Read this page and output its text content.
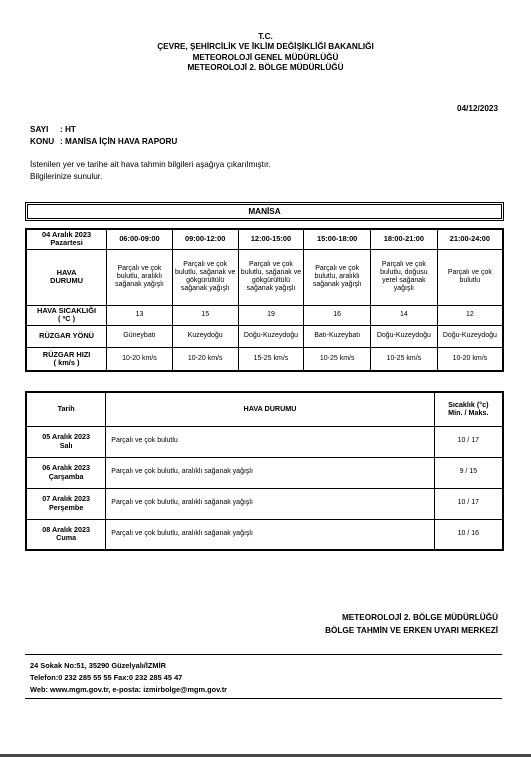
T.C.
ÇEVRE, ŞEHİRCİLİK VE İKLİM DEĞİŞİKLİĞİ BAKANLIĞI
METEOROLOJİ GENEL MÜDÜRLÜĞÜ
METEOROLOJİ 2. BÖLGE MÜDÜRLÜĞÜ
04/12/2023
SAYI : HT
KONU : MANİSA İÇİN HAVA RAPORU
İstenilen yer ve tarihe ait hava tahmin bilgileri aşağıya çıkarılmıştır.
Bilgilerinize sunulur.
MANİSA
04 Aralık 2023
Pazartesi	06:00-09:00	09:00-12:00	12:00-15:00	15:00-18:00	18:00-21:00	21:00-24:00

HAVA
DURUMU	Parçalı ve çok bulutlu, aralıklı sağanak yağışlı	Parçalı ve çok bulutlu, sağanak ve gökgürültülü sağanak yağışlı	Parçalı ve çok bulutlu, sağanak ve gökgürültülü sağanak yağışlı	Parçalı ve çok bulutlu, aralıklı sağanak yağışlı	Parçalı ve çok bulutlu, doğusu yerel sağanak yağışlı	Parçalı ve çok bulutlu

HAVA SICAKLIĞI
( ºC )	13	15	19	16	14	12
RÜZGAR YÖNÜ	Güneybatı	Kuzeydoğu	Doğu-Kuzeydoğu	Batı-Kuzeybatı	Doğu-Kuzeydoğu	Doğu-Kuzeydoğu

RÜZGAR HIZI
( km/s )	10-20 km/s	10-20 km/s	15-25 km/s	10-25 km/s	10-25 km/s	10-20 km/s
Tarih	HAVA DURUMU	Sıcaklık (°c)
Min. / Maks.

05 Aralık 2023
Salı	Parçalı ve çok bulutlu	10 / 17

06 Aralık 2023
Çarşamba	Parçalı ve çok bulutlu, aralıklı sağanak yağışlı	9 / 15

07 Aralık 2023
Perşembe	Parçalı ve çok bulutlu, aralıklı sağanak yağışlı	10 / 17

08 Aralık 2023
Cuma	Parçalı ve çok bulutlu, aralıklı sağanak yağışlı	10 / 16
METEOROLOJİ 2. BÖLGE MÜDÜRLÜĞÜ
BÖLGE TAHMİN VE ERKEN UYARI MERKEZİ
24 Sokak No:51, 35290 Güzelyalı/İZMİR
Telefon:0 232 285 55 55 Fax:0 232 285 45 47
Web: www.mgm.gov.tr, e-posta: izmirbolge@mgm.gov.tr
